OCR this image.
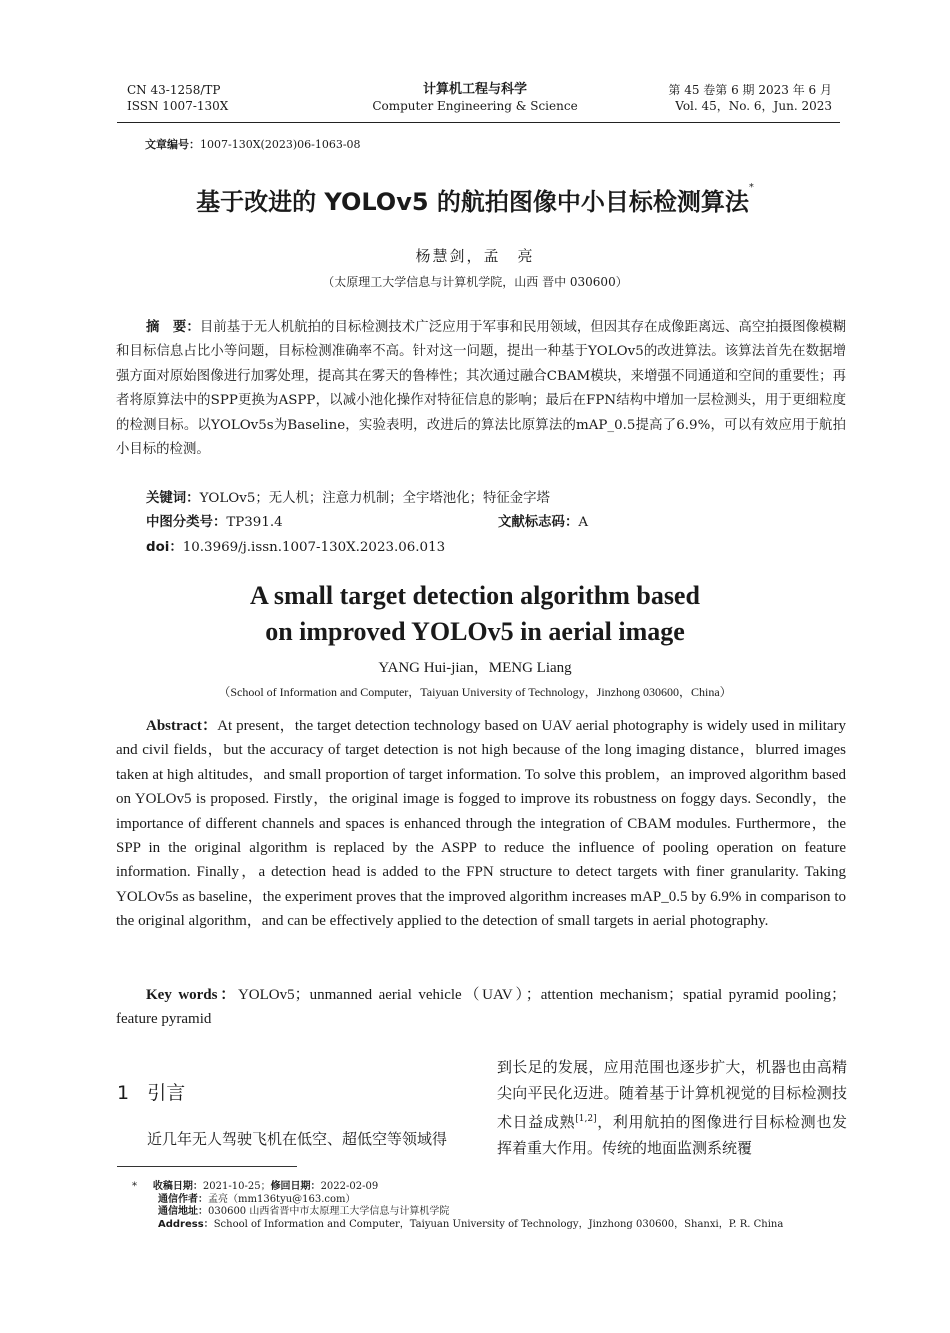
CN 43-1258/TP
ISSN 1007-130X
计算机工程与科学
Computer Engineering & Science
第 45 卷第 6 期 2023 年 6 月
Vol. 45，No. 6，Jun. 2023
文章编号：1007-130X(2023)06-1063-08
基于改进的 YOLOv5 的航拍图像中小目标检测算法*
杨慧剑，孟　亮
（太原理工大学信息与计算机学院，山西 晋中 030600）
摘　要：目前基于无人机航拍的目标检测技术广泛应用于军事和民用领域，但因其存在成像距离远、高空拍摄图像模糊和目标信息占比小等问题，目标检测准确率不高。针对这一问题，提出一种基于YOLOv5的改进算法。该算法首先在数据增强方面对原始图像进行加雾处理，提高其在雾天的鲁棒性；其次通过融合CBAM模块，来增强不同通道和空间的重要性；再者将原算法中的SPP更换为ASPP，以减小池化操作对特征信息的影响；最后在FPN结构中增加一层检测头，用于更细粒度的检测目标。以YOLOv5s为Baseline，实验表明，改进后的算法比原算法的mAP_0.5提高了6.9%，可以有效应用于航拍小目标的检测。
关键词：YOLOv5；无人机；注意力机制；全宇塔池化；特征金字塔
中图分类号：TP391.4	文献标志码：A
doi：10.3969/j.issn.1007-130X.2023.06.013
A small target detection algorithm based
on improved YOLOv5 in aerial image
YANG Hui-jian，MENG Liang
（School of Information and Computer，Taiyuan University of Technology，Jinzhong 030600，China）
Abstract：At present，the target detection technology based on UAV aerial photography is widely used in military and civil fields，but the accuracy of target detection is not high because of the long imaging distance，blurred images taken at high altitudes，and small proportion of target information. To solve this problem，an improved algorithm based on YOLOv5 is proposed. Firstly，the original image is fogged to improve its robustness on foggy days. Secondly，the importance of different channels and spaces is enhanced through the integration of CBAM modules. Furthermore，the SPP in the original algorithm is replaced by the ASPP to reduce the influence of pooling operation on feature information. Finally，a detection head is added to the FPN structure to detect targets with finer granularity. Taking YOLOv5s as baseline，the experiment proves that the improved algorithm increases mAP_0.5 by 6.9% in comparison to the original algorithm，and can be effectively applied to the detection of small targets in aerial photography.
Key words：YOLOv5；unmanned aerial vehicle（UAV）；attention mechanism；spatial pyramid pooling；feature pyramid
1 引言
近几年无人驾驶飞机在低空、超低空等领域得
到长足的发展，应用范围也逐步扩大，机器也由高精尖向平民化迈进。随着基于计算机视觉的目标检测技术日益成熟[1,2]，利用航拍的图像进行目标检测也发挥着重大作用。传统的地面监测系统覆
* 收稿日期：2021-10-25；修回日期：2022-02-09
通信作者：孟亮（mm136tyu@163.com）
通信地址：030600 山西省晋中市太原理工大学信息与计算机学院
Address：School of Information and Computer，Taiyuan University of Technology，Jinzhong 030600，Shanxi，P. R. China
